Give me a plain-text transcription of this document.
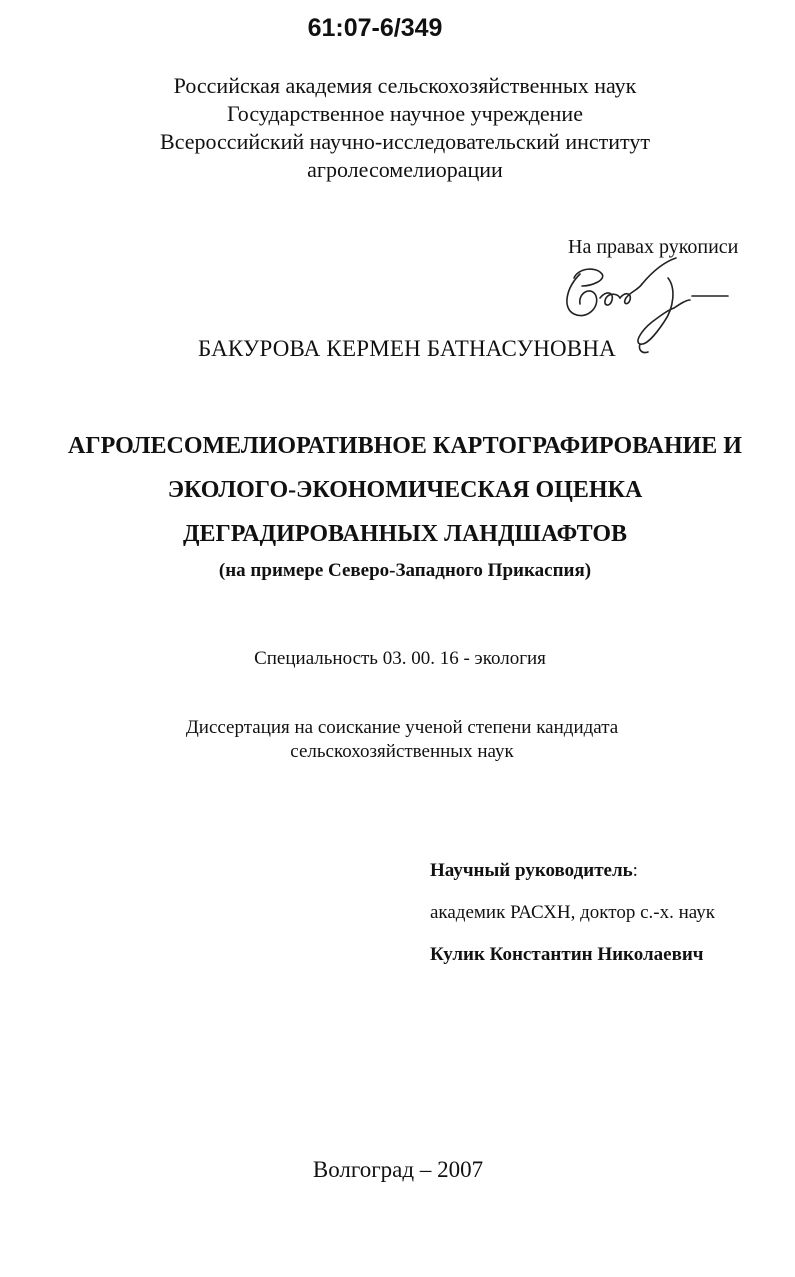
61:07-6/349
Российская академия сельскохозяйственных наук
Государственное научное учреждение
Всероссийский научно-исследовательский институт
агролесомелиорации
На правах рукописи
БАКУРОВА КЕРМЕН БАТНАСУНОВНА
АГРОЛЕСОМЕЛИОРАТИВНОЕ КАРТОГРАФИРОВАНИЕ И
ЭКОЛОГО-ЭКОНОМИЧЕСКАЯ ОЦЕНКА
ДЕГРАДИРОВАННЫХ ЛАНДШАФТОВ
(на примере Северо-Западного Прикаспия)
Специальность 03. 00. 16 - экология
Диссертация на соискание ученой степени кандидата
сельскохозяйственных наук
Научный руководитель:
академик РАСХН, доктор с.-х. наук
Кулик Константин Николаевич
Волгоград – 2007
